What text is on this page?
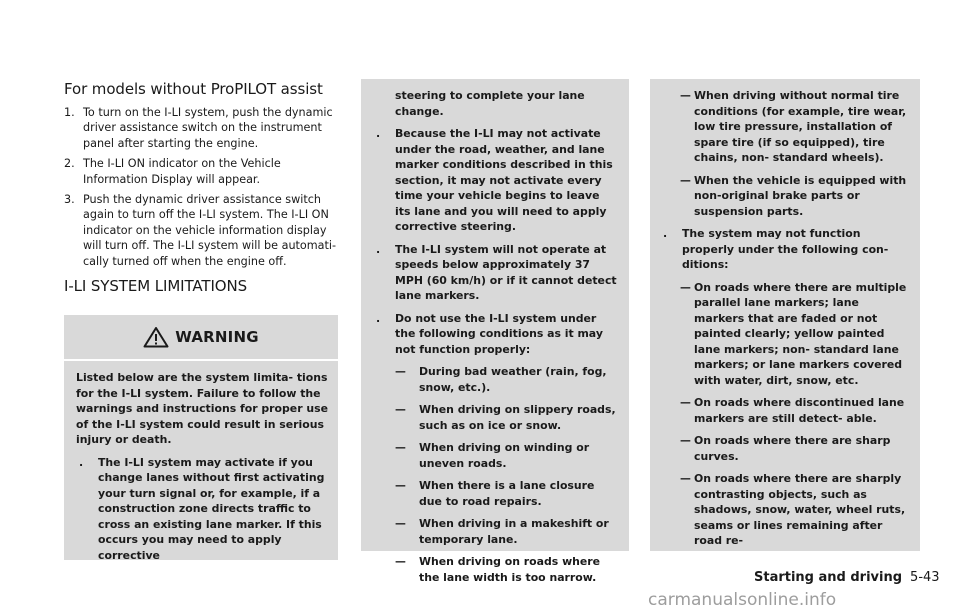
For models without ProPILOT assist
1. To turn on the I-LI system, push the dynamic driver assistance switch on the instrument panel after starting the engine.
2. The I-LI ON indicator on the Vehicle Information Display will appear.
3. Push the dynamic driver assistance switch again to turn off the I-LI system. The I-LI ON indicator on the vehicle information display will turn off. The I-LI system will be automati- cally turned off when the engine off.
I-LI SYSTEM LIMITATIONS
WARNING

Listed below are the system limita- tions for the I-LI system. Failure to follow the warnings and instructions for proper use of the I-LI system could result in serious injury or death.

. The I-LI system may activate if you change lanes without first activating your turn signal or, for example, if a construction zone directs traffic to cross an existing lane marker. If this occurs you may need to apply corrective
steering to complete your lane change.
. Because the I-LI may not activate under the road, weather, and lane marker conditions described in this section, it may not activate every time your vehicle begins to leave its lane and you will need to apply corrective steering.
. The I-LI system will not operate at speeds below approximately 37 MPH (60 km/h) or if it cannot detect lane markers.
. Do not use the I-LI system under the following conditions as it may not function properly:
—	During bad weather (rain, fog, snow, etc.).
—	When driving on slippery roads, such as on ice or snow.
—	When driving on winding or uneven roads.
—	When there is a lane closure due to road repairs.
—	When driving in a makeshift or temporary lane.
—	When driving on roads where the lane width is too narrow.
— When driving without normal tire conditions (for example, tire wear, low tire pressure, installation of spare tire (if so equipped), tire chains, non- standard wheels).
— When the vehicle is equipped with non-original brake parts or suspension parts.
. The system may not function properly under the following con- ditions:
— On roads where there are multiple parallel lane markers; lane markers that are faded or not painted clearly; yellow painted lane markers; non- standard lane markers; or lane markers covered with water, dirt, snow, etc.
— On roads where discontinued lane markers are still detect- able.
— On roads where there are sharp curves.
— On roads where there are sharply contrasting objects, such as shadows, snow, water, wheel ruts, seams or lines remaining after road re-
Starting and driving 5-43
carmanualsonline.info
